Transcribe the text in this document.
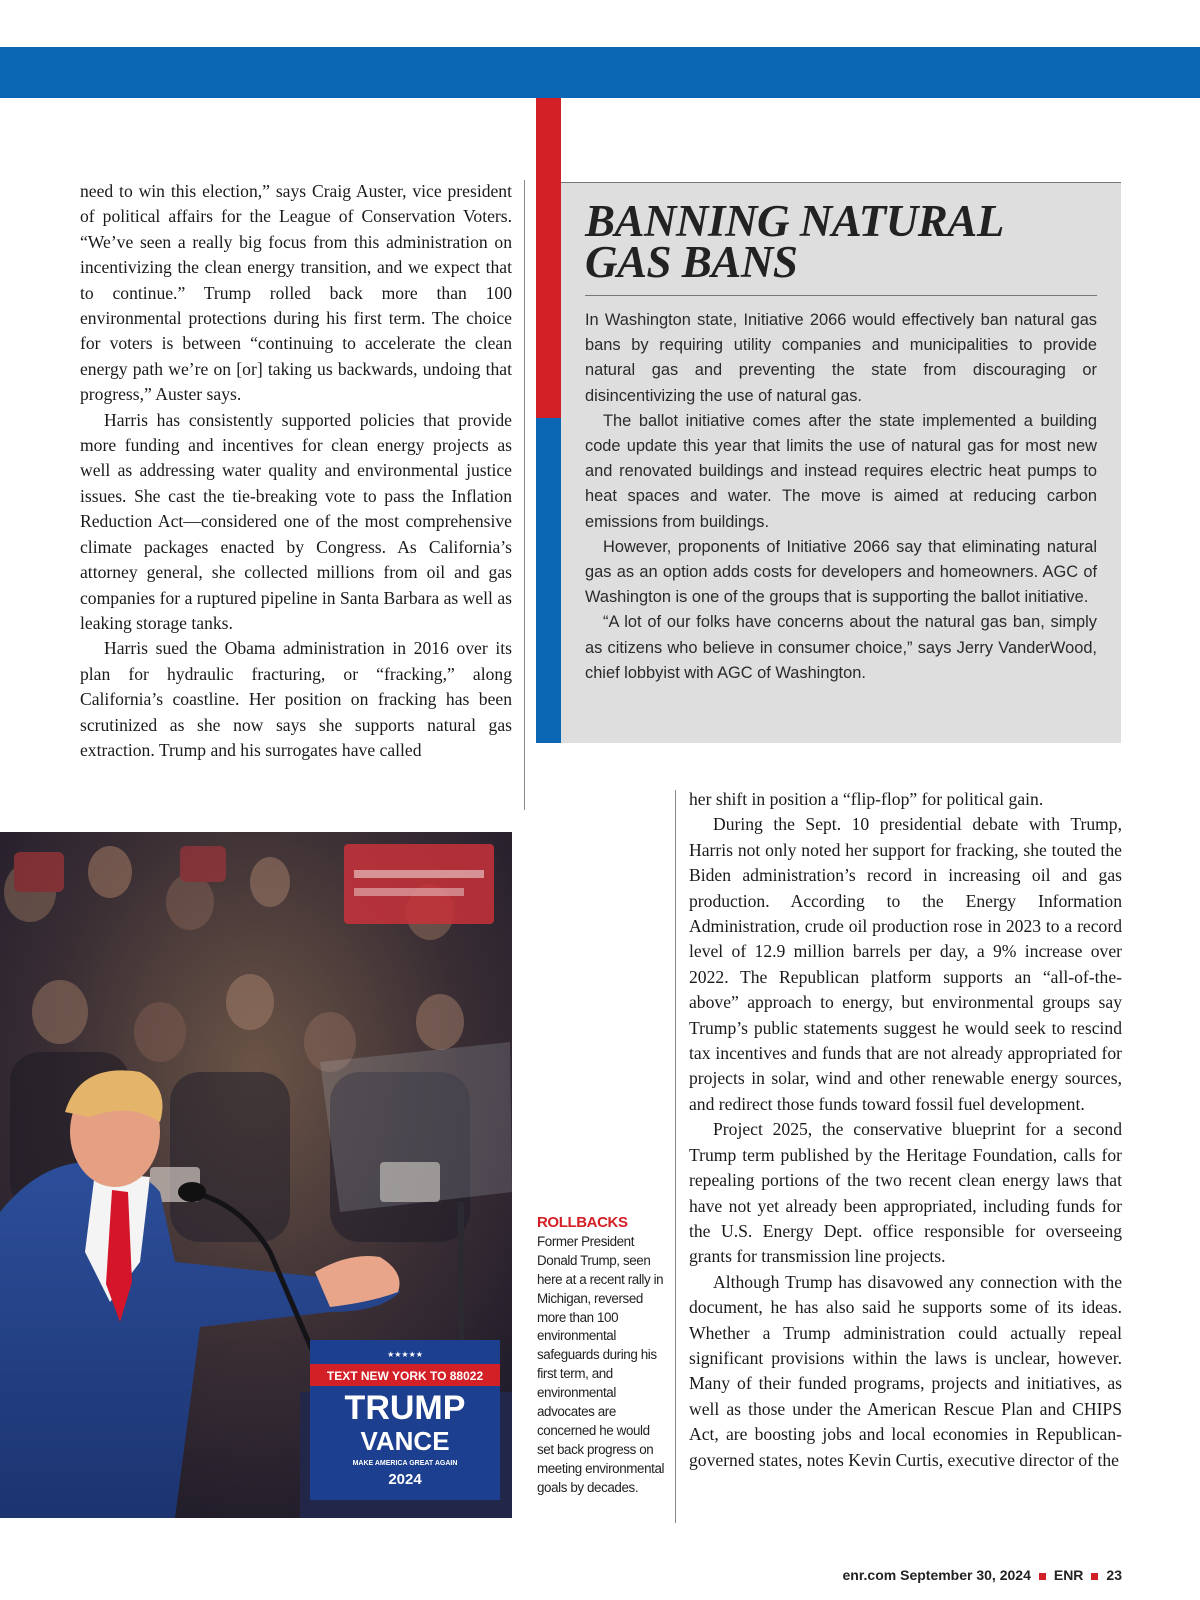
need to win this election,” says Craig Auster, vice president of political affairs for the League of Conservation Voters. “We’ve seen a really big focus from this administration on incentivizing the clean energy transition, and we expect that to continue.” Trump rolled back more than 100 environmental protections during his first term. The choice for voters is between “continuing to accelerate the clean energy path we’re on [or] taking us backwards, undoing that progress,” Auster says.

Harris has consistently supported policies that provide more funding and incentives for clean energy projects as well as addressing water quality and environmental justice issues. She cast the tie-breaking vote to pass the Inflation Reduction Act—considered one of the most comprehensive climate packages enacted by Congress. As California’s attorney general, she collected millions from oil and gas companies for a ruptured pipeline in Santa Barbara as well as leaking storage tanks.

Harris sued the Obama administration in 2016 over its plan for hydraulic fracturing, or “fracking,” along California’s coastline. Her position on fracking has been scrutinized as she now says she supports natural gas extraction. Trump and his surrogates have called

BANNING NATURAL GAS BANS

In Washington state, Initiative 2066 would effectively ban natural gas bans by requiring utility companies and municipalities to provide natural gas and preventing the state from discouraging or disincentivizing the use of natural gas.

The ballot initiative comes after the state implemented a building code update this year that limits the use of natural gas for most new and renovated buildings and instead requires electric heat pumps to heat spaces and water. The move is aimed at reducing carbon emissions from buildings.

However, proponents of Initiative 2066 say that eliminating natural gas as an option adds costs for developers and homeowners. AGC of Washington is one of the groups that is supporting the ballot initiative.

“A lot of our folks have concerns about the natural gas ban, simply as citizens who believe in consumer choice,” says Jerry VanderWood, chief lobbyist with AGC of Washington.

★★★★★
TEXT NEW YORK TO 88022
TRUMP
VANCE
MAKE AMERICA GREAT AGAIN
2024
ROLLBACKS
Former President Donald Trump, seen here at a recent rally in Michigan, reversed more than 100 environmental safeguards during his first term, and environmental advocates are concerned he would set back progress on meeting environmental goals by decades.

her shift in position a “flip-flop” for political gain.

During the Sept. 10 presidential debate with Trump, Harris not only noted her support for fracking, she touted the Biden administration’s record in increasing oil and gas production. According to the Energy Information Administration, crude oil production rose in 2023 to a record level of 12.9 million barrels per day, a 9% increase over 2022. The Republican platform supports an “all-of-the-above” approach to energy, but environmental groups say Trump’s public statements suggest he would seek to rescind tax incentives and funds that are not already appropriated for projects in solar, wind and other renewable energy sources, and redirect those funds toward fossil fuel development.

Project 2025, the conservative blueprint for a second Trump term published by the Heritage Foundation, calls for repealing portions of the two recent clean energy laws that have not yet already been appropriated, including funds for the U.S. Energy Dept. office responsible for overseeing grants for transmission line projects.

Although Trump has disavowed any connection with the document, he has also said he supports some of its ideas. Whether a Trump administration could actually repeal significant provisions within the laws is unclear, however. Many of their funded programs, projects and initiatives, as well as those under the American Rescue Plan and CHIPS Act, are boosting jobs and local economies in Republican-governed states, notes Kevin Curtis, executive director of the

enr.com September 30, 2024 ENR 23
